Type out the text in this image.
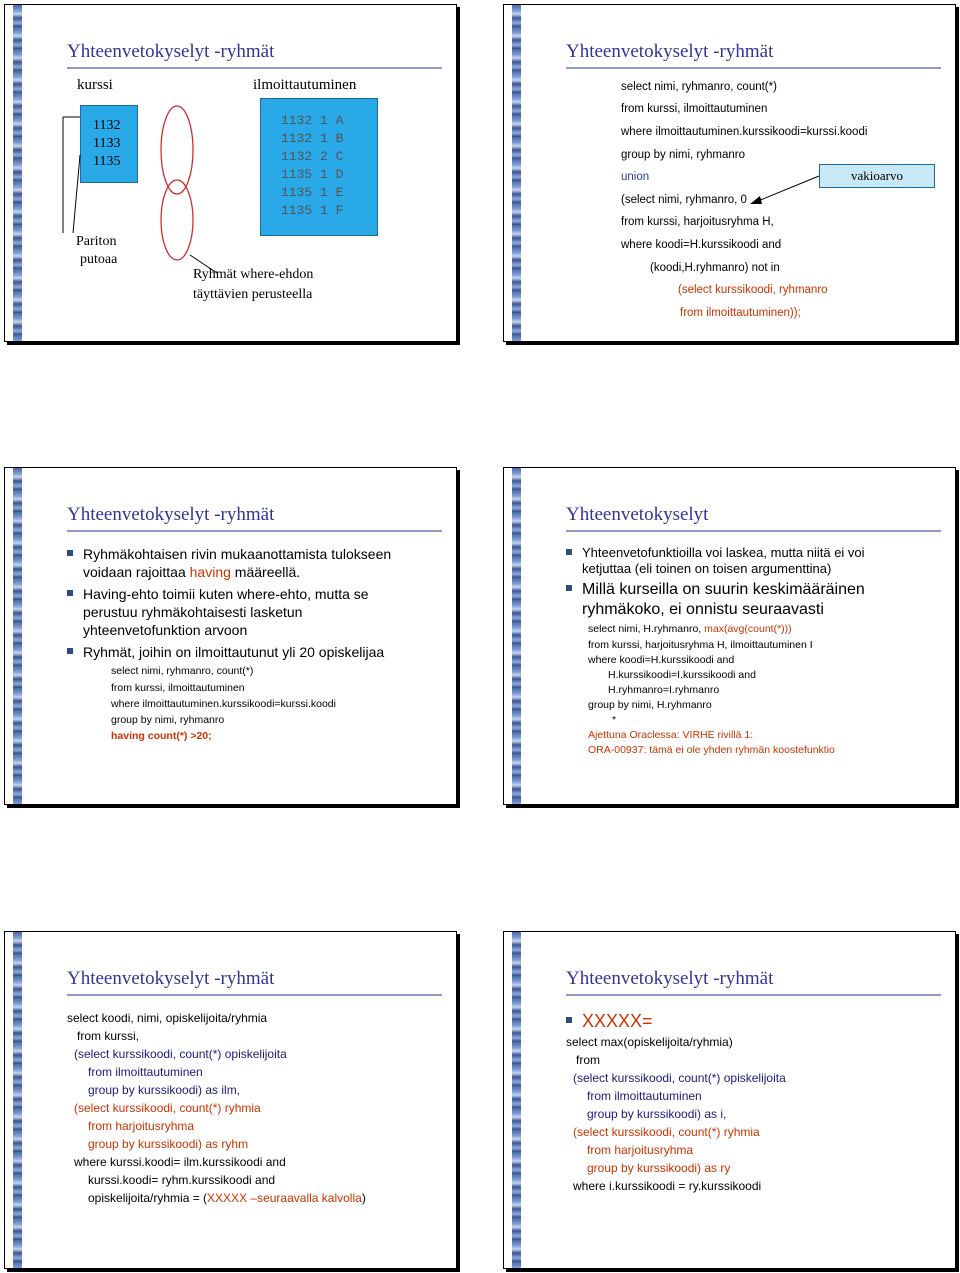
Yhteenvetokyselyt -ryhmät
kurssi	ilmoittautuminen
1132
1133
1135
1132 1 A
1132 1 B
1132 2 C
1135 1 D
1135 1 E
1135 1 F
Pariton
putoaa
Ryhmät where-ehdon
täyttävien perusteella
Yhteenvetokyselyt -ryhmät
select nimi, ryhmanro, count(*)
from kurssi, ilmoittautuminen
where ilmoittautuminen.kurssikoodi=kurssi.koodi
group by nimi, ryhmanro
union
(select nimi, ryhmanro, 0
from kurssi, harjoitusryhma H,
where koodi=H.kurssikoodi and
(koodi,H.ryhmanro) not in
(select kurssikoodi, ryhmanro
from ilmoittautuminen));
vakioarvo
Yhteenvetokyselyt -ryhmät
Ryhmäkohtaisen rivin mukaanottamista tulokseen
voidaan rajoittaa having määreellä.
Having-ehto toimii kuten where-ehto, mutta se
perustuu ryhmäkohtaisesti lasketun
yhteenvetofunktion arvoon
Ryhmät, joihin on ilmoittautunut yli 20 opiskelijaa
select nimi, ryhmanro, count(*)
from kurssi, ilmoittautuminen
where ilmoittautuminen.kurssikoodi=kurssi.koodi
group by nimi, ryhmanro
having count(*) >20;
Yhteenvetokyselyt
Yhteenvetofunktioilla voi laskea, mutta niitä ei voi
ketjuttaa (eli toinen on toisen argumenttina)
Millä kurseilla on suurin keskimääräinen
ryhmäkoko, ei onnistu seuraavasti
select nimi, H.ryhmanro, max(avg(count(*)))
from kurssi, harjoitusryhma H, ilmoittautuminen I
where koodi=H.kurssikoodi and
H.kurssikoodi=I.kurssikoodi and
H.ryhmanro=I.ryhmanro
group by nimi, H.ryhmanro
*
Ajettuna Oraclessa: VIRHE rivillä 1:
ORA-00937: tämä ei ole yhden ryhmän koostefunktio
Yhteenvetokyselyt -ryhmät
select koodi, nimi, opiskelijoita/ryhmia
from kurssi,
(select kurssikoodi, count(*) opiskelijoita
from ilmoittautuminen
group by kurssikoodi) as ilm,
(select kurssikoodi, count(*) ryhmia
from harjoitusryhma
group by kurssikoodi) as ryhm
where kurssi.koodi= ilm.kurssikoodi and
kurssi.koodi= ryhm.kurssikoodi and
opiskelijoita/ryhmia = (XXXXX –seuraavalla kalvolla)
Yhteenvetokyselyt -ryhmät
XXXXX=
select max(opiskelijoita/ryhmia)
from
(select kurssikoodi, count(*) opiskelijoita
from ilmoittautuminen
group by kurssikoodi) as i,
(select kurssikoodi, count(*) ryhmia
from harjoitusryhma
group by kurssikoodi) as ry
where i.kurssikoodi = ry.kurssikoodi
